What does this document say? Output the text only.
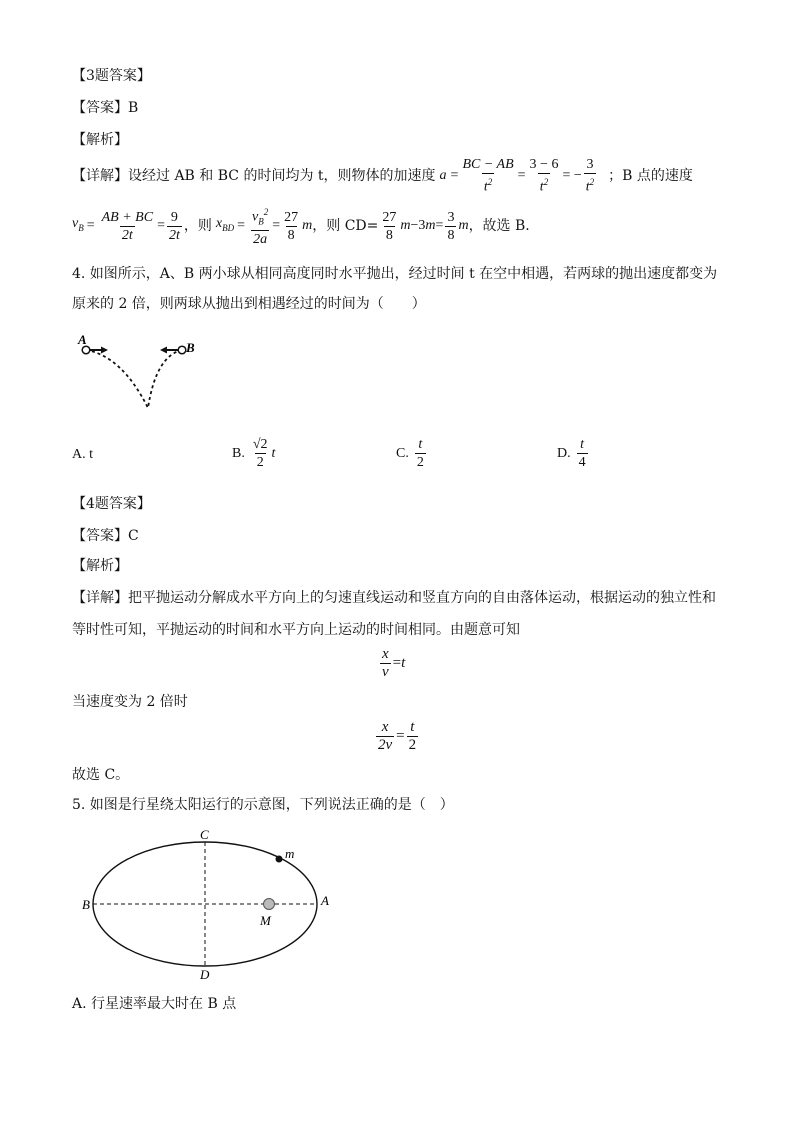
【3题答案】
【答案】B
【解析】
【详解】设经过 AB 和 BC 的时间均为 t，则物体的加速度 $a = \frac{BC - AB}{t^2} = \frac{3 - 6}{t^2}$ = − $\frac{3}{t^2}$ ；B 点的速度
$v_B = \frac{AB + BC}{2t} = \frac{9}{2t}$ ，则 $x_{BD} = \frac{v_B^2}{2a} = \frac{27}{8}$ m ，则 $CD= \frac{27}{8}$ m −3 $m = \frac{3}{8}$ m ，故选 B.
4. 如图所示，A、B 两小球从相同高度同时水平抛出，经过时间 t 在空中相遇，若两球的抛出速度都变为
原来的 2 倍，则两球从抛出到相遇经过的时间为（　　）
A
B
A. t	B. $\frac{√2}{2}$ t	C. $\frac{t}{2}$	D. $\frac{t}{4}$
【4题答案】
【答案】C
【解析】
【详解】把平抛运动分解成水平方向上的匀速直线运动和竖直方向的自由落体运动，根据运动的独立性和
等时性可知，平抛运动的时间和水平方向上运动的时间相同。由题意可知
$\frac{x}{v} = t$
当速度变为 2 倍时
$\frac{x}{2v} = \frac{t}{2}$
故选 C。
5. 如图是行星绕太阳运行的示意图，下列说法正确的是（　）
C
D
B	A
M
m
A. 行星速率最大时在 B 点
